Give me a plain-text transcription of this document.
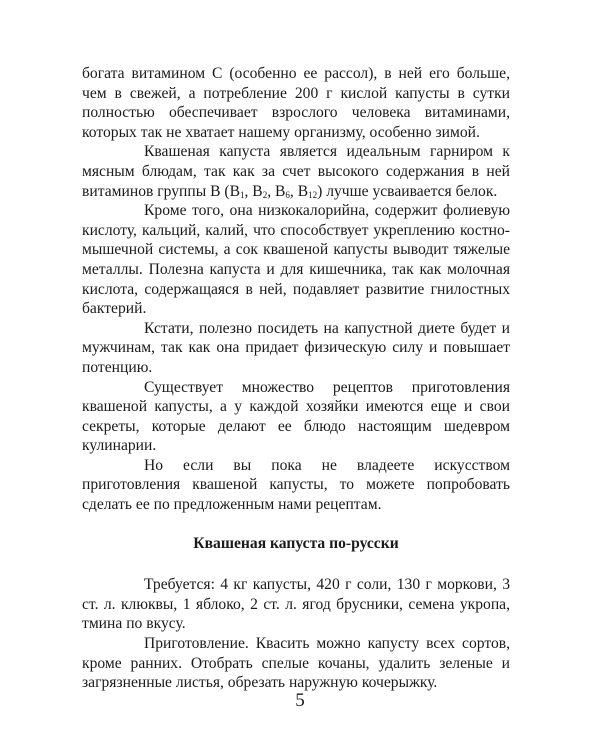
богата витамином С (особенно ее рассол), в ней его больше, чем в свежей, а потребление 200 г кислой капусты в сутки полностью обеспечивает взрослого человека витаминами, которых так не хватает нашему организму, особенно зимой.

Квашеная капуста является идеальным гарниром к мясным блюдам, так как за счет высокого содержания в ней витаминов группы В ($В_1$, $В_2$, $В_6$, $В_{12}$) лучше усваивается белок.

Кроме того, она низкокалорийна, содержит фолиевую кислоту, кальций, калий, что способствует укреплению костно-мышечной системы, а сок квашеной капусты выводит тяжелые металлы. Полезна капуста и для кишечника, так как молочная кислота, содержащаяся в ней, подавляет развитие гнилостных бактерий.

Кстати, полезно посидеть на капустной диете будет и мужчинам, так как она придает физическую силу и повышает потенцию.

Существует множество рецептов приготовления квашеной капусты, а у каждой хозяйки имеются еще и свои секреты, которые делают ее блюдо настоящим шедевром кулинарии.

Но если вы пока не владеете искусством приготовления квашеной капусты, то можете попробовать сделать ее по предложенным нами рецептам.

Квашеная капуста по-русски

Требуется: 4 кг капусты, 420 г соли, 130 г моркови, 3 ст. л. клюквы, 1 яблоко, 2 ст. л. ягод брусники, семена укропа, тмина по вкусу.

Приготовление. Квасить можно капусту всех сортов, кроме ранних. Отобрать спелые кочаны, удалить зеленые и загрязненные листья, обрезать наружную кочерыжку.

5
